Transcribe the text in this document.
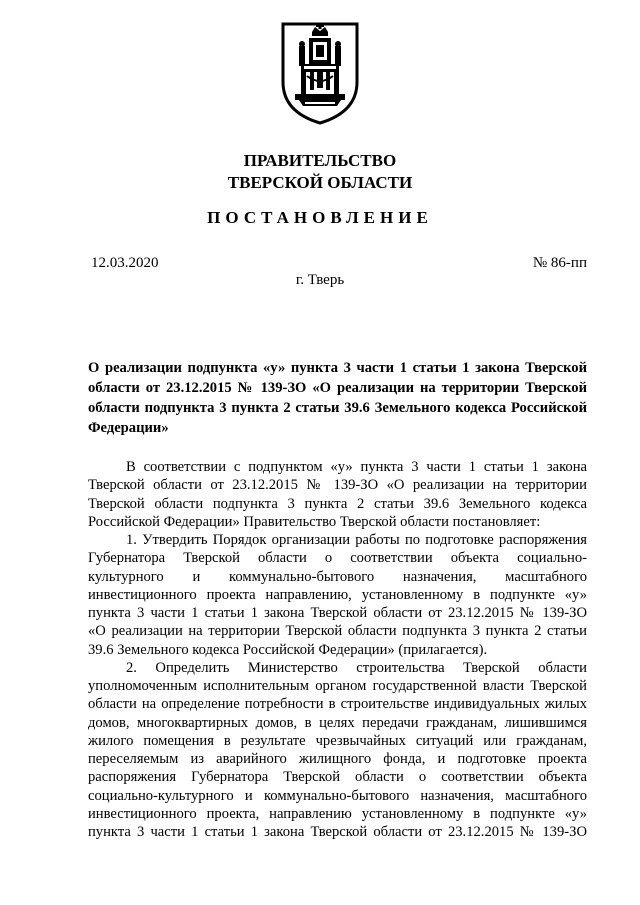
ПРАВИТЕЛЬСТВО
ТВЕРСКОЙ ОБЛАСТИ
ПОСТАНОВЛЕНИЕ
12.03.2020	№ 86-пп
г. Тверь
О реализации подпункта «у» пункта 3 части 1 статьи 1 закона Тверской
области от 23.12.2015 № 139-ЗО «О реализации на территории Тверской
области подпункта 3 пункта 2 статьи 39.6 Земельного кодекса Российской
Федерации»
В соответствии с подпунктом «у» пункта 3 части 1 статьи 1 закона
Тверской области от 23.12.2015 № 139-ЗО «О реализации на территории
Тверской области подпункта 3 пункта 2 статьи 39.6 Земельного кодекса
Российской Федерации» Правительство Тверской области постановляет:
1. Утвердить Порядок организации работы по подготовке распоряжения
Губернатора Тверской области о соответствии объекта социально-
культурного и коммунально-бытового назначения, масштабного
инвестиционного проекта направлению, установленному в подпункте «у»
пункта 3 части 1 статьи 1 закона Тверской области от 23.12.2015 № 139-ЗО
«О реализации на территории Тверской области подпункта 3 пункта 2 статьи
39.6 Земельного кодекса Российской Федерации» (прилагается).
2. Определить Министерство строительства Тверской области
уполномоченным исполнительным органом государственной власти Тверской
области на определение потребности в строительстве индивидуальных жилых
домов, многоквартирных домов, в целях передачи гражданам, лишившимся
жилого помещения в результате чрезвычайных ситуаций или гражданам,
переселяемым из аварийного жилищного фонда, и подготовке проекта
распоряжения Губернатора Тверской области о соответствии объекта
социально-культурного и коммунально-бытового назначения, масштабного
инвестиционного проекта, направлению установленному в подпункте «у»
пункта 3 части 1 статьи 1 закона Тверской области от 23.12.2015 № 139-ЗО
